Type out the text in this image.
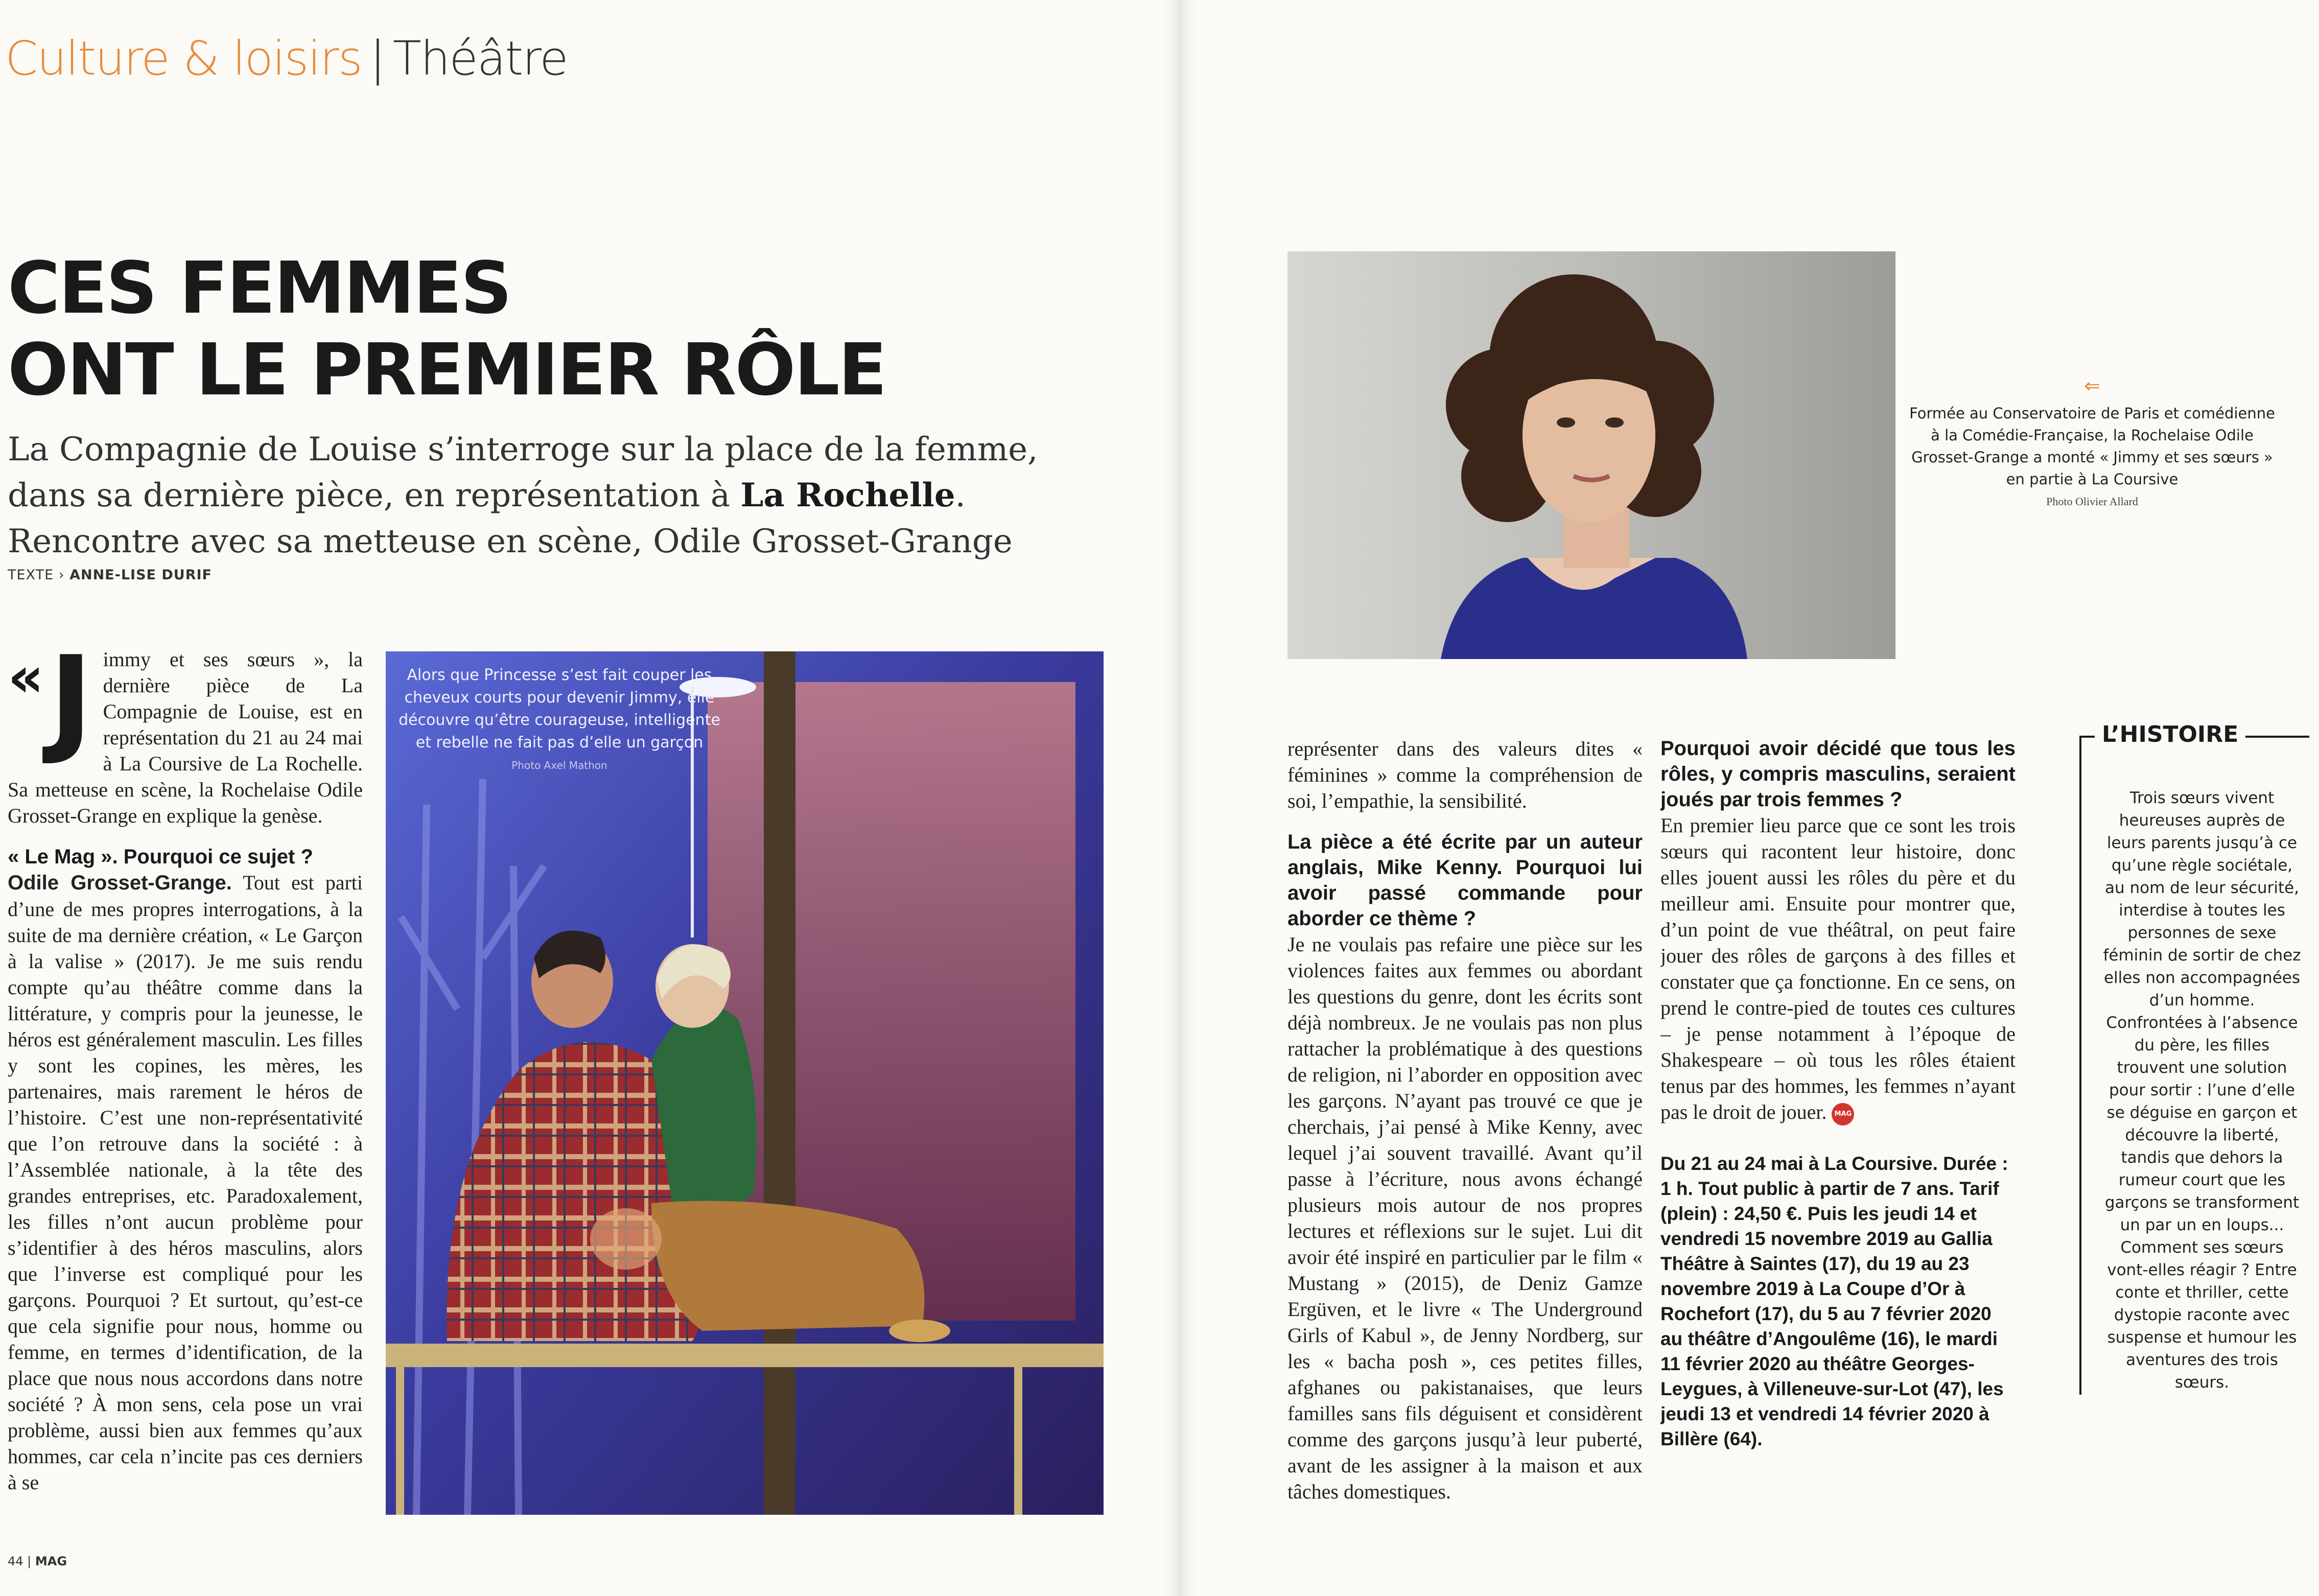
Culture & loisirs | Théâtre
CES FEMMES
ONT LE PREMIER RÔLE
La Compagnie de Louise s’interroge sur la place de la femme,
dans sa dernière pièce, en représentation à La Rochelle.
Rencontre avec sa metteuse en scène, Odile Grosset-Grange
TEXTE › ANNE-LISE DURIF
« J immy et ses sœurs », la dernière pièce de La Compagnie de Louise, est en représentation du 21 au 24 mai à La Coursive de La Rochelle. Sa metteuse en scène, la Rochelaise Odile Grosset-Grange en explique la genèse.

« Le Mag ». Pourquoi ce sujet ?
Odile Grosset-Grange. Tout est parti d’une de mes propres interrogations, à la suite de ma dernière création, « Le Garçon à la valise » (2017). Je me suis rendu compte qu’au théâtre comme dans la littérature, y compris pour la jeunesse, le héros est généralement masculin. Les filles y sont les copines, les mères, les partenaires, mais rarement le héros de l’histoire. C’est une non-représentativité que l’on retrouve dans la société : à l’Assemblée nationale, à la tête des grandes entreprises, etc. Paradoxalement, les filles n’ont aucun problème pour s’identifier à des héros masculins, alors que l’inverse est compliqué pour les garçons. Pourquoi ? Et surtout, qu’est-ce que cela signifie pour nous, homme ou femme, en termes d’identification, de la place que nous nous accordons dans notre société ? À mon sens, cela pose un vrai problème, aussi bien aux femmes qu’aux hommes, car cela n’incite pas ces derniers à se

Alors que Princesse s’est fait couper les cheveux courts pour devenir Jimmy, elle découvre qu’être courageuse, intelligente et rebelle ne fait pas d’elle un garçon
Photo Axel Mathon
44 | MAG
⇐
Formée au Conservatoire de Paris et comédienne à la Comédie-Française, la Rochelaise Odile Grosset-Grange a monté « Jimmy et ses sœurs » en partie à La Coursive
Photo Olivier Allard

représenter dans des valeurs dites « féminines » comme la compréhension de soi, l’empathie, la sensibilité.

La pièce a été écrite par un auteur anglais, Mike Kenny. Pourquoi lui avoir passé commande pour aborder ce thème ?

Je ne voulais pas refaire une pièce sur les violences faites aux femmes ou abordant les questions du genre, dont les écrits sont déjà nombreux. Je ne voulais pas non plus rattacher la problématique à des questions de religion, ni l’aborder en opposition avec les garçons. N’ayant pas trouvé ce que je cherchais, j’ai pensé à Mike Kenny, avec lequel j’ai souvent travaillé. Avant qu’il passe à l’écriture, nous avons échangé plusieurs mois autour de nos propres lectures et réflexions sur le sujet. Lui dit avoir été inspiré en particulier par le film « Mustang » (2015), de Deniz Gamze Ergüven, et le livre « The Underground Girls of Kabul », de Jenny Nordberg, sur les « bacha posh », ces petites filles, afghanes ou pakistanaises, que leurs familles sans fils déguisent et considèrent comme des garçons jusqu’à leur puberté, avant de les assigner à la maison et aux tâches domestiques.

Pourquoi avoir décidé que tous les rôles, y compris masculins, seraient joués par trois femmes ?

En premier lieu parce que ce sont les trois sœurs qui racontent leur histoire, donc elles jouent aussi les rôles du père et du meilleur ami. Ensuite pour montrer que, d’un point de vue théâtral, on peut faire jouer des rôles de garçons à des filles et constater que ça fonctionne. En ce sens, on prend le contre-pied de toutes ces cultures – je pense notamment à l’époque de Shakespeare – où tous les rôles étaient tenus par des hommes, les femmes n’ayant pas le droit de jouer. MAG

Du 21 au 24 mai à La Coursive. Durée : 1 h. Tout public à partir de 7 ans. Tarif (plein) : 24,50 €. Puis les jeudi 14 et vendredi 15 novembre 2019 au Gallia Théâtre à Saintes (17), du 19 au 23 novembre 2019 à La Coupe d’Or à Rochefort (17), du 5 au 7 février 2020 au théâtre d’Angoulême (16), le mardi 11 février 2020 au théâtre Georges-Leygues, à Villeneuve-sur-Lot (47), les jeudi 13 et vendredi 14 février 2020 à Billère (64).

L’HISTOIRE
Trois sœurs vivent heureuses auprès de leurs parents jusqu’à ce qu’une règle sociétale, au nom de leur sécurité, interdise à toutes les personnes de sexe féminin de sortir de chez elles non accompagnées d’un homme. Confrontées à l’absence du père, les filles trouvent une solution pour sortir : l’une d’elle se déguise en garçon et découvre la liberté, tandis que dehors la rumeur court que les garçons se transforment un par un en loups... Comment ses sœurs vont-elles réagir ? Entre conte et thriller, cette dystopie raconte avec suspense et humour les aventures des trois sœurs.
